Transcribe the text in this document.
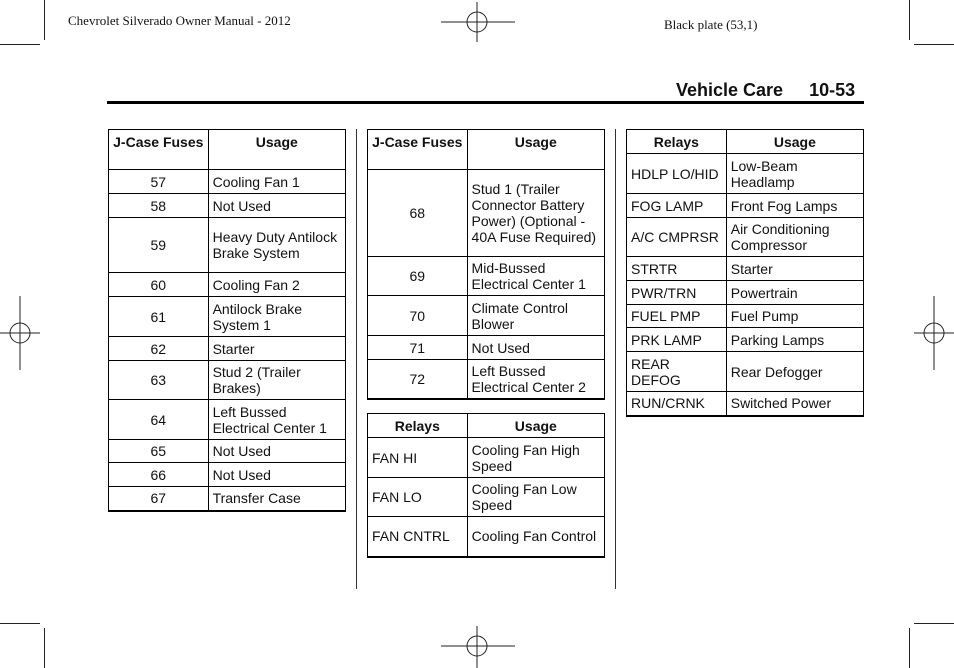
Chevrolet Silverado Owner Manual - 2012	Black plate (53,1)
Vehicle Care 10-53
J-Case Fuses	Usage
57	Cooling Fan 1
58	Not Used
59	Heavy Duty Antilock Brake System
60	Cooling Fan 2
61	Antilock Brake System 1
62	Starter
63	Stud 2 (Trailer Brakes)
64	Left Bussed Electrical Center 1
65	Not Used
66	Not Used
67	Transfer Case
J-Case Fuses	Usage
68	Stud 1 (Trailer Connector Battery Power) (Optional - 40A Fuse Required)
69	Mid-Bussed Electrical Center 1
70	Climate Control Blower
71	Not Used
72	Left Bussed Electrical Center 2
Relays	Usage
FAN HI	Cooling Fan High Speed
FAN LO	Cooling Fan Low Speed
FAN CNTRL	Cooling Fan Control
Relays	Usage
HDLP LO/HID	Low-Beam Headlamp
FOG LAMP	Front Fog Lamps
A/C CMPRSR	Air Conditioning Compressor
STRTR	Starter
PWR/TRN	Powertrain
FUEL PMP	Fuel Pump
PRK LAMP	Parking Lamps
REAR DEFOG	Rear Defogger
RUN/CRNK	Switched Power
